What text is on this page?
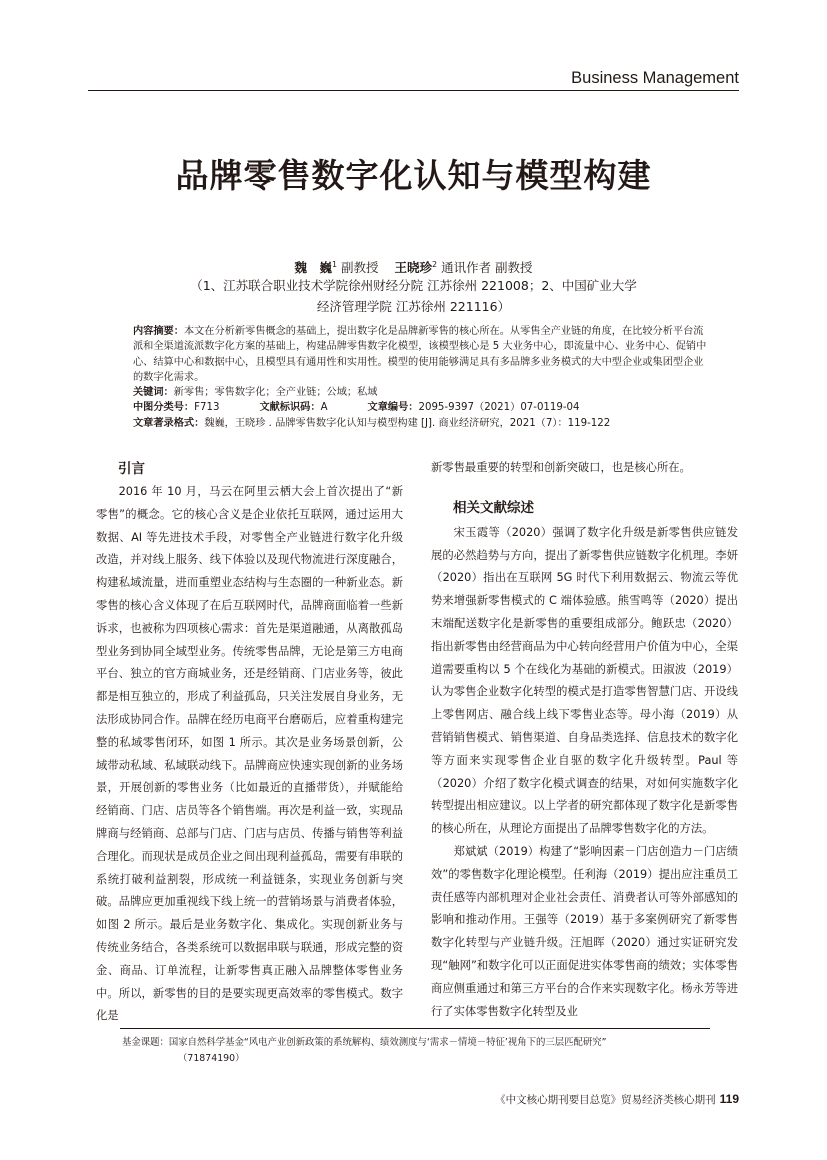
Business Management
品牌零售数字化认知与模型构建
魏　巍$^1$ 副教授 王晓珍$^2$ 通讯作者 副教授
（1、江苏联合职业技术学院徐州财经分院 江苏徐州 221008；2、中国矿业大学
经济管理学院 江苏徐州 221116）

内容摘要：本文在分析新零售概念的基础上，提出数字化是品牌新零售的核心所在。从零售全产业链的角度，在比较分析平台流派和全渠道流派数字化方案的基础上，构建品牌零售数字化模型，该模型核心是 5 大业务中心，即流量中心、业务中心、促销中心、结算中心和数据中心，且模型具有通用性和实用性。模型的使用能够满足具有多品牌多业务模式的大中型企业或集团型企业的数字化需求。

关键词：新零售；零售数字化；全产业链；公域；私域

中图分类号：F713	文献标识码：A	文章编号：2095-9397（2021）07-0119-04

文章著录格式：魏巍，王晓珍 . 品牌零售数字化认知与模型构建 [J]. 商业经济研究，2021（7）：119-122

引言

2016 年 10 月，马云在阿里云栖大会上首次提出了“新零售”的概念。它的核心含义是企业依托互联网，通过运用大数据、AI 等先进技术手段，对零售全产业链进行数字化升级改造，并对线上服务、线下体验以及现代物流进行深度融合，构建私域流量，进而重塑业态结构与生态圈的一种新业态。新零售的核心含义体现了在后互联网时代，品牌商面临着一些新诉求，也被称为四项核心需求：首先是渠道融通，从离散孤岛型业务到协同全域型业务。传统零售品牌，无论是第三方电商平台、独立的官方商城业务，还是经销商、门店业务等，彼此都是相互独立的，形成了利益孤岛，只关注发展自身业务，无法形成协同合作。品牌在经历电商平台磨砺后，应着重构建完整的私域零售闭环，如图 1 所示。其次是业务场景创新，公域带动私域、私域联动线下。品牌商应快速实现创新的业务场景，开展创新的零售业务（比如最近的直播带货），并赋能给经销商、门店、店员等各个销售端。再次是利益一致，实现品牌商与经销商、总部与门店、门店与店员、传播与销售等利益合理化。而现状是成员企业之间出现利益孤岛，需要有串联的系统打破利益割裂，形成统一利益链条，实现业务创新与突破。品牌应更加重视线下线上统一的营销场景与消费者体验，如图 2 所示。最后是业务数字化、集成化。实现创新业务与传统业务结合，各类系统可以数据串联与联通，形成完整的资金、商品、订单流程，让新零售真正融入品牌整体零售业务中。所以，新零售的目的是要实现更高效率的零售模式。数字化是

新零售最重要的转型和创新突破口，也是核心所在。

相关文献综述

宋玉霞等（2020）强调了数字化升级是新零售供应链发展的必然趋势与方向，提出了新零售供应链数字化机理。李妍（2020）指出在互联网 5G 时代下利用数据云、物流云等优势来增强新零售模式的 C 端体验感。熊雪鸣等（2020）提出末端配送数字化是新零售的重要组成部分。鲍跃忠（2020）指出新零售由经营商品为中心转向经营用户价值为中心，全渠道需要重构以 5 个在线化为基础的新模式。田淑波（2019）认为零售企业数字化转型的模式是打造零售智慧门店、开设线上零售网店、融合线上线下零售业态等。母小海（2019）从营销销售模式、销售渠道、自身品类选择、信息技术的数字化等方面来实现零售企业自驱的数字化升级转型。Paul 等（2020）介绍了数字化模式调查的结果，对如何实施数字化转型提出相应建议。以上学者的研究都体现了数字化是新零售的核心所在，从理论方面提出了品牌零售数字化的方法。

郑斌斌（2019）构建了“影响因素－门店创造力－门店绩效”的零售数字化理论模型。任利海（2019）提出应注重员工责任感等内部机理对企业社会责任、消费者认可等外部感知的影响和推动作用。王强等（2019）基于多案例研究了新零售数字化转型与产业链升级。汪旭晖（2020）通过实证研究发现“触网”和数字化可以正面促进实体零售商的绩效；实体零售商应侧重通过和第三方平台的合作来实现数字化。杨永芳等进行了实体零售数字化转型及业

基金课题：国家自然科学基金“风电产业创新政策的系统解构、绩效测度与‘需求－情境－特征’视角下的三层匹配研究”
（71874190）
《中文核心期刊要目总览》贸易经济类核心期刊 119
